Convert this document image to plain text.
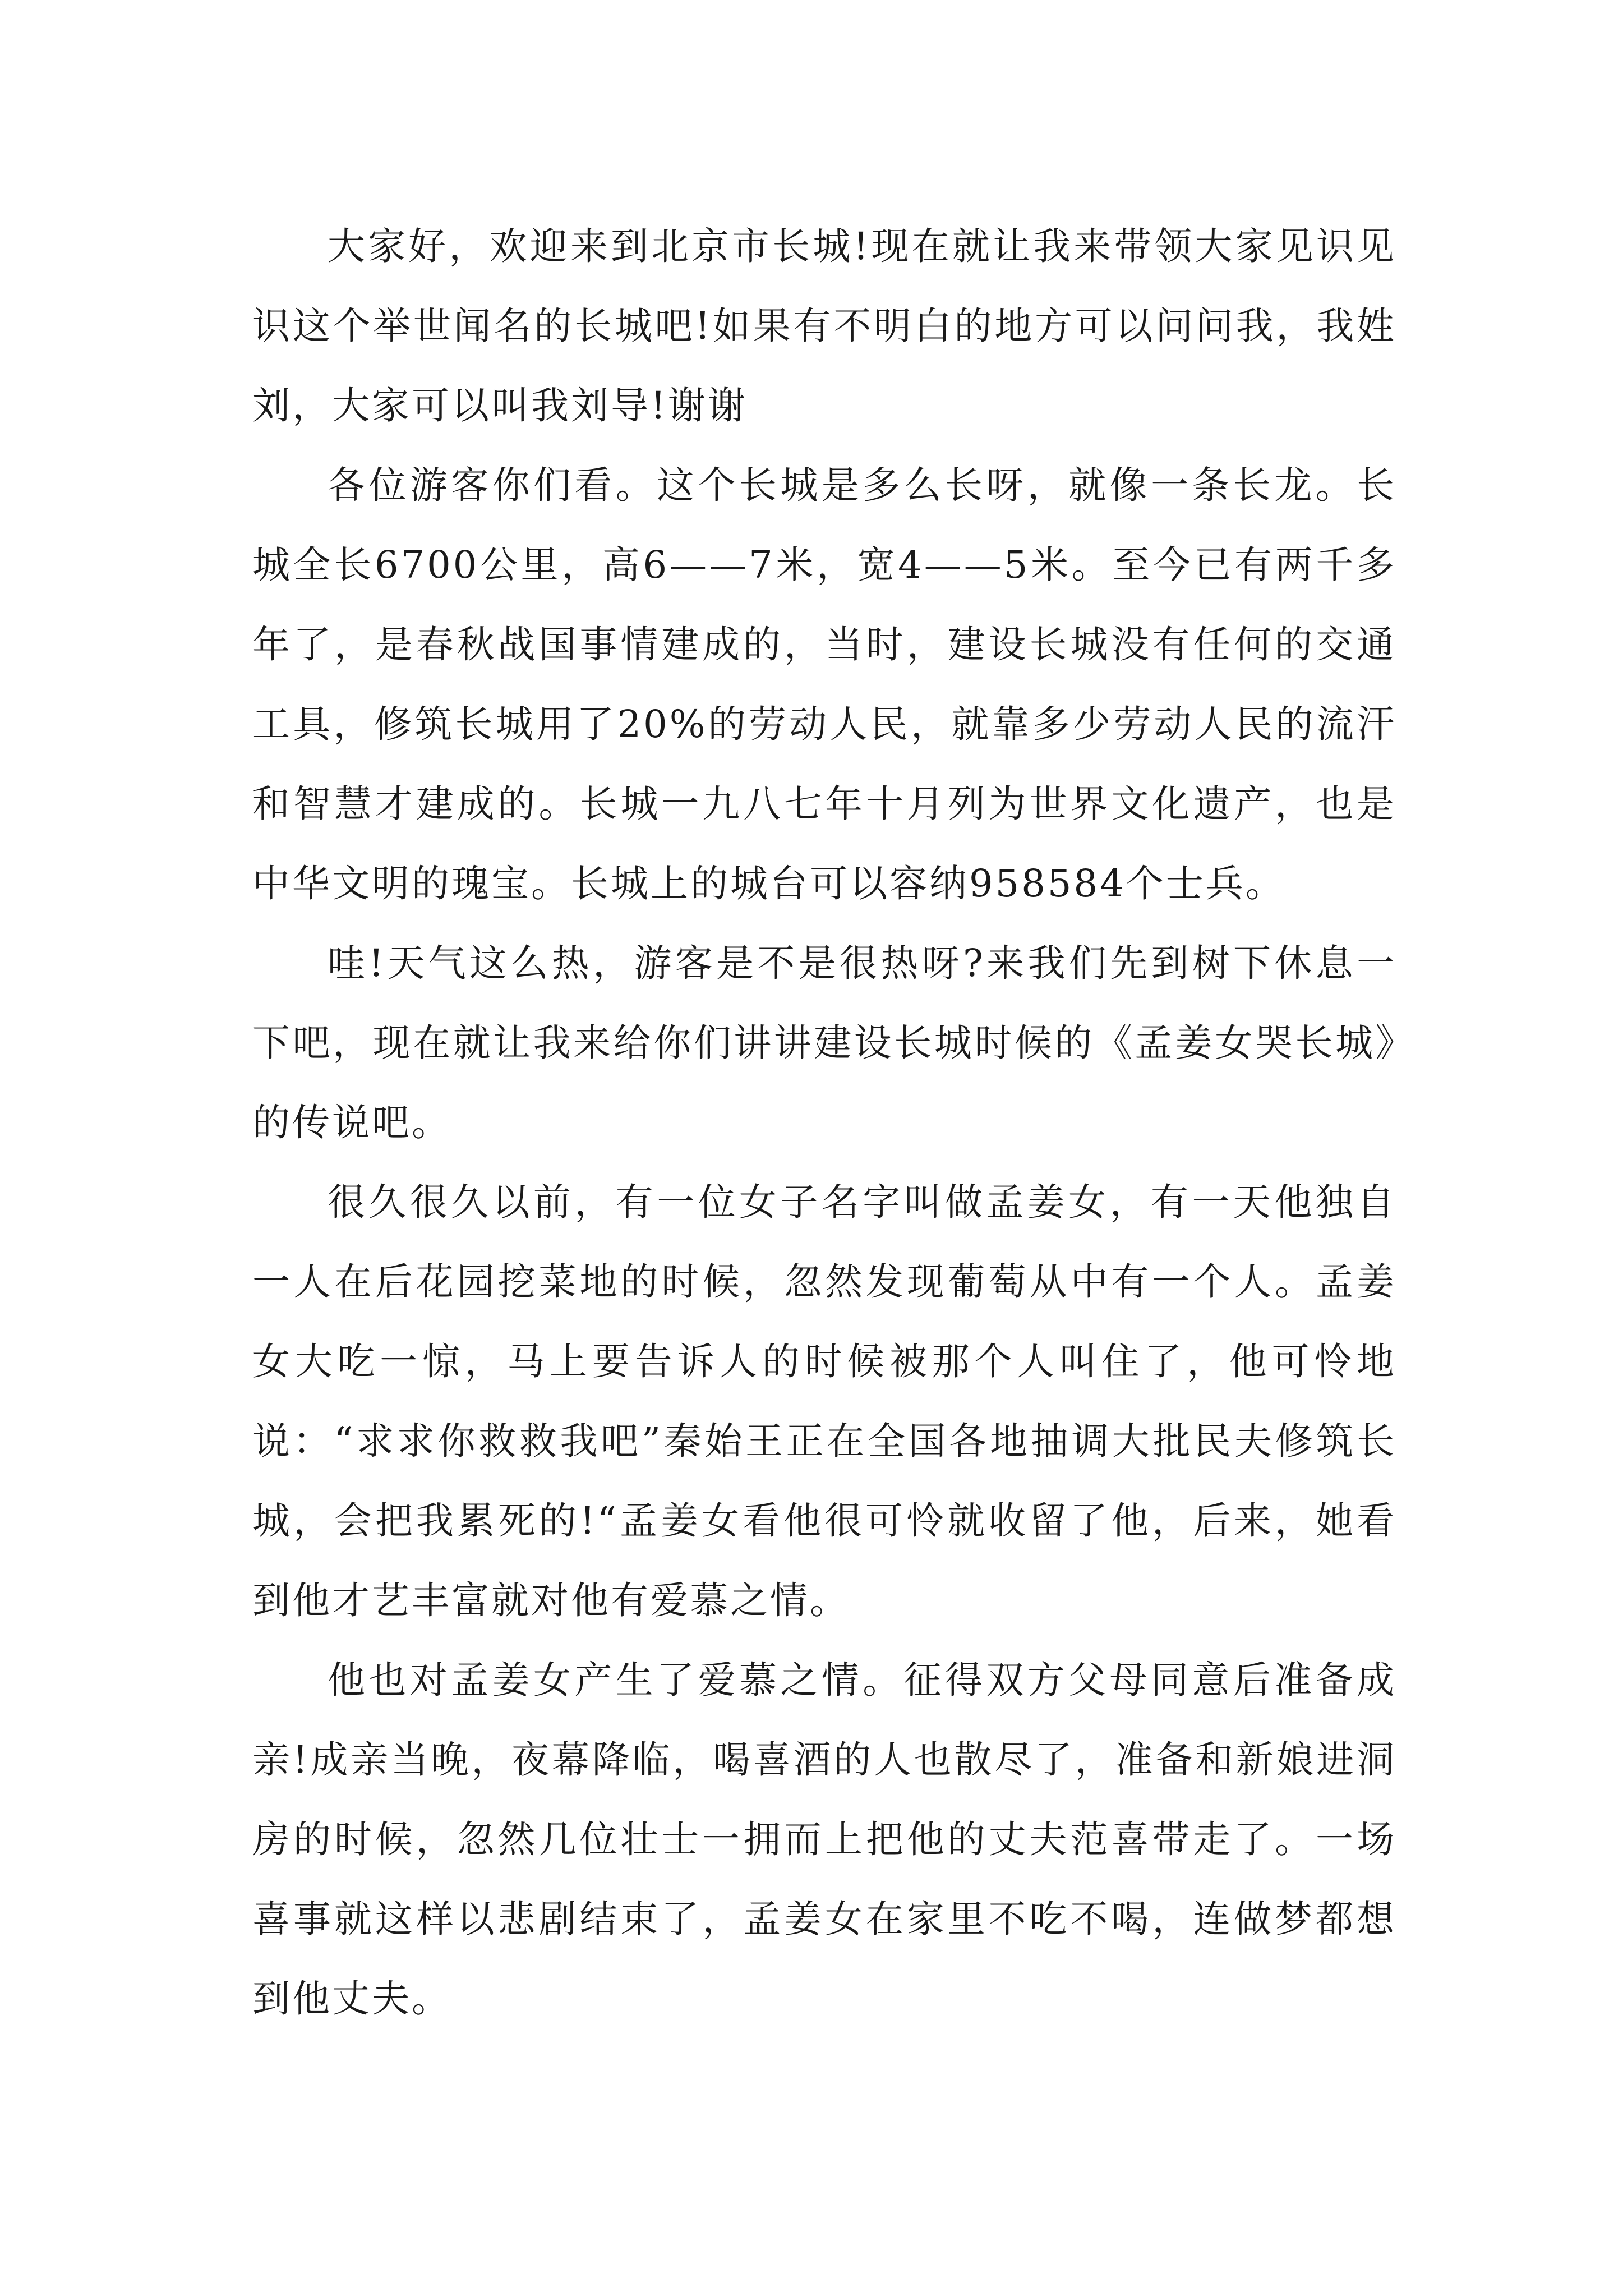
大家好，欢迎来到北京市长城!现在就让我来带领大家见识见识这个举世闻名的长城吧!如果有不明白的地方可以问问我，我姓刘，大家可以叫我刘导!谢谢

各位游客你们看。这个长城是多么长呀，就像一条长龙。长城全长6700公里，高6——7米，宽4——5米。至今已有两千多年了，是春秋战国事情建成的，当时，建设长城没有任何的交通工具，修筑长城用了20%的劳动人民，就靠多少劳动人民的流汗和智慧才建成的。长城一九八七年十月列为世界文化遗产，也是中华文明的瑰宝。长城上的城台可以容纳958584个士兵。

哇!天气这么热，游客是不是很热呀?来我们先到树下休息一下吧，现在就让我来给你们讲讲建设长城时候的《孟姜女哭长城》的传说吧。

很久很久以前，有一位女子名字叫做孟姜女，有一天他独自一人在后花园挖菜地的时候，忽然发现葡萄从中有一个人。孟姜女大吃一惊，马上要告诉人的时候被那个人叫住了，他可怜地说：“求求你救救我吧”秦始王正在全国各地抽调大批民夫修筑长城，会把我累死的!“孟姜女看他很可怜就收留了他，后来，她看到他才艺丰富就对他有爱慕之情。

他也对孟姜女产生了爱慕之情。征得双方父母同意后准备成亲!成亲当晚，夜幕降临，喝喜酒的人也散尽了，准备和新娘进洞房的时候，忽然几位壮士一拥而上把他的丈夫范喜带走了。一场喜事就这样以悲剧结束了，孟姜女在家里不吃不喝，连做梦都想到他丈夫。
